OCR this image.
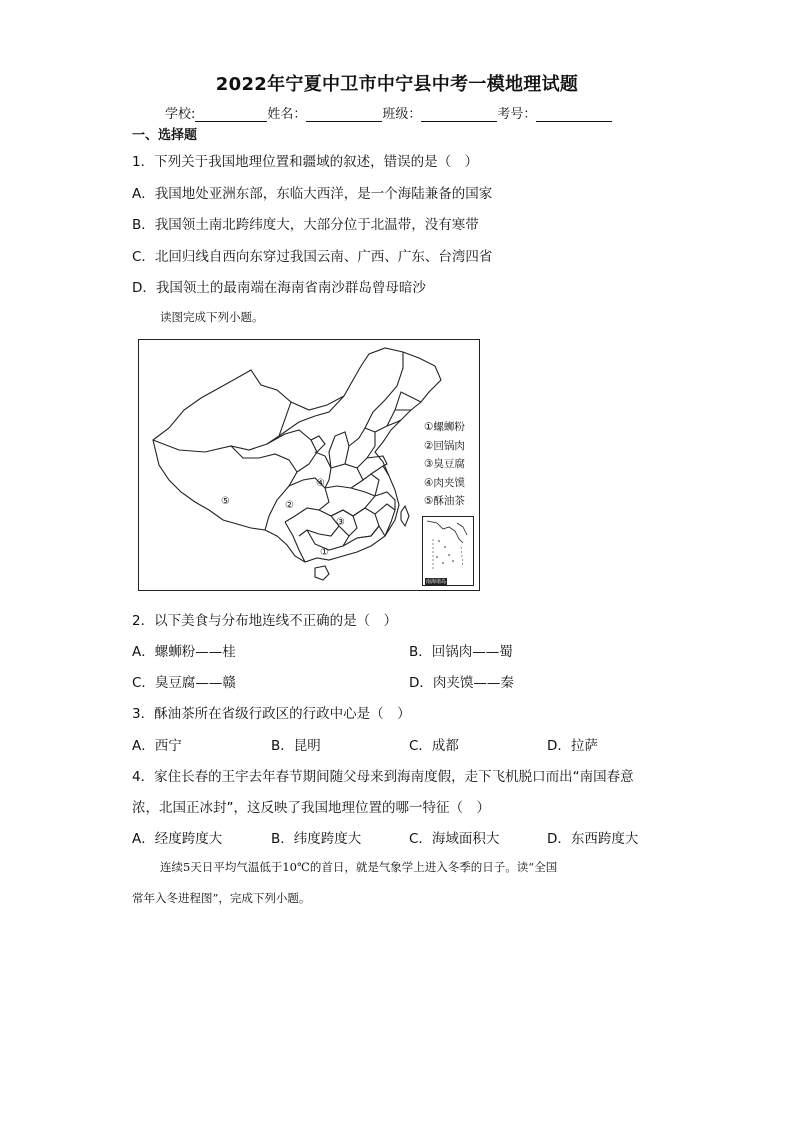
2022年宁夏中卫市中宁县中考一模地理试题
学校:	姓名：	班级：	考号：
一、选择题
1．下列关于我国地理位置和疆域的叙述，错误的是（　）
A．我国地处亚洲东部，东临大西洋，是一个海陆兼备的国家
B．我国领土南北跨纬度大，大部分位于北温带，没有寒带
C．北回归线自西向东穿过我国云南、广西、广东、台湾四省
D．我国领土的最南端在海南省南沙群岛曾母暗沙
读图完成下列小题。
⑤	②
④
③
①
①螺蛳粉
②回锅肉
③臭豆腐
④肉夹馍
⑤酥油茶
南海诸岛
2．以下美食与分布地连线不正确的是（　）
A．螺蛳粉——桂	B．回锅肉——蜀
C．臭豆腐——赣	D．肉夹馍——秦
3．酥油茶所在省级行政区的行政中心是（　）
A．西宁	B．昆明	C．成都	D．拉萨
4．家住长春的王宇去年春节期间随父母来到海南度假，走下飞机脱口而出“南国春意
浓，北国正冰封”，这反映了我国地理位置的哪一特征（　）
A．经度跨度大	B．纬度跨度大	C．海域面积大	D．东西跨度大
连续5天日平均气温低于10℃的首日，就是气象学上进入冬季的日子。读“全国
常年入冬进程图”，完成下列小题。
